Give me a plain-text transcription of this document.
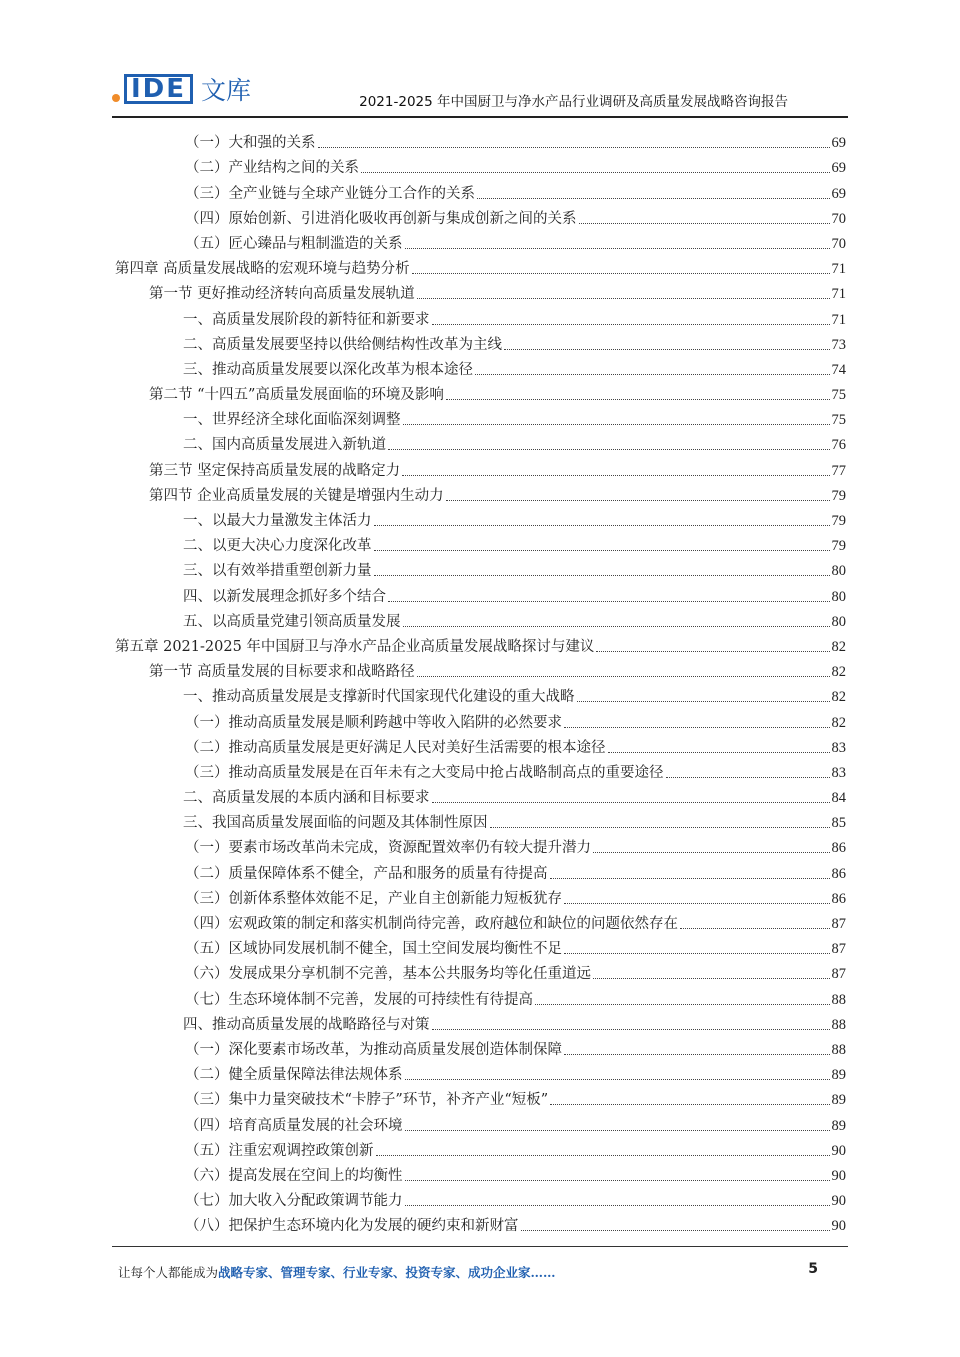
IDE 文库	2021-2025 年中国厨卫与净水产品行业调研及高质量发展战略咨询报告
（一）大和强的关系	69
（二）产业结构之间的关系	69
（三）全产业链与全球产业链分工合作的关系	69
（四）原始创新、引进消化吸收再创新与集成创新之间的关系	70
（五）匠心臻品与粗制滥造的关系	70
第四章 高质量发展战略的宏观环境与趋势分析	71
第一节 更好推动经济转向高质量发展轨道	71
一、高质量发展阶段的新特征和新要求	71
二、高质量发展要坚持以供给侧结构性改革为主线	73
三、推动高质量发展要以深化改革为根本途径	74
第二节 “十四五”高质量发展面临的环境及影响	75
一、世界经济全球化面临深刻调整	75
二、国内高质量发展进入新轨道	76
第三节 坚定保持高质量发展的战略定力	77
第四节 企业高质量发展的关键是增强内生动力	79
一、以最大力量激发主体活力	79
二、以更大决心力度深化改革	79
三、以有效举措重塑创新力量	80
四、以新发展理念抓好多个结合	80
五、以高质量党建引领高质量发展	80
第五章 2021-2025 年中国厨卫与净水产品企业高质量发展战略探讨与建议	82
第一节 高质量发展的目标要求和战略路径	82
一、推动高质量发展是支撑新时代国家现代化建设的重大战略	82
（一）推动高质量发展是顺利跨越中等收入陷阱的必然要求	82
（二）推动高质量发展是更好满足人民对美好生活需要的根本途径	83
（三）推动高质量发展是在百年未有之大变局中抢占战略制高点的重要途径	83
二、高质量发展的本质内涵和目标要求	84
三、我国高质量发展面临的问题及其体制性原因	85
（一）要素市场改革尚未完成，资源配置效率仍有较大提升潜力	86
（二）质量保障体系不健全，产品和服务的质量有待提高	86
（三）创新体系整体效能不足，产业自主创新能力短板犹存	86
（四）宏观政策的制定和落实机制尚待完善，政府越位和缺位的问题依然存在	87
（五）区域协同发展机制不健全，国土空间发展均衡性不足	87
（六）发展成果分享机制不完善，基本公共服务均等化任重道远	87
（七）生态环境体制不完善，发展的可持续性有待提高	88
四、推动高质量发展的战略路径与对策	88
（一）深化要素市场改革，为推动高质量发展创造体制保障	88
（二）健全质量保障法律法规体系	89
（三）集中力量突破技术“卡脖子”环节，补齐产业“短板”	89
（四）培育高质量发展的社会环境	89
（五）注重宏观调控政策创新	90
（六）提高发展在空间上的均衡性	90
（七）加大收入分配政策调节能力	90
（八）把保护生态环境内化为发展的硬约束和新财富	90
让每个人都能成为战略专家、管理专家、行业专家、投资专家、成功企业家……	5
